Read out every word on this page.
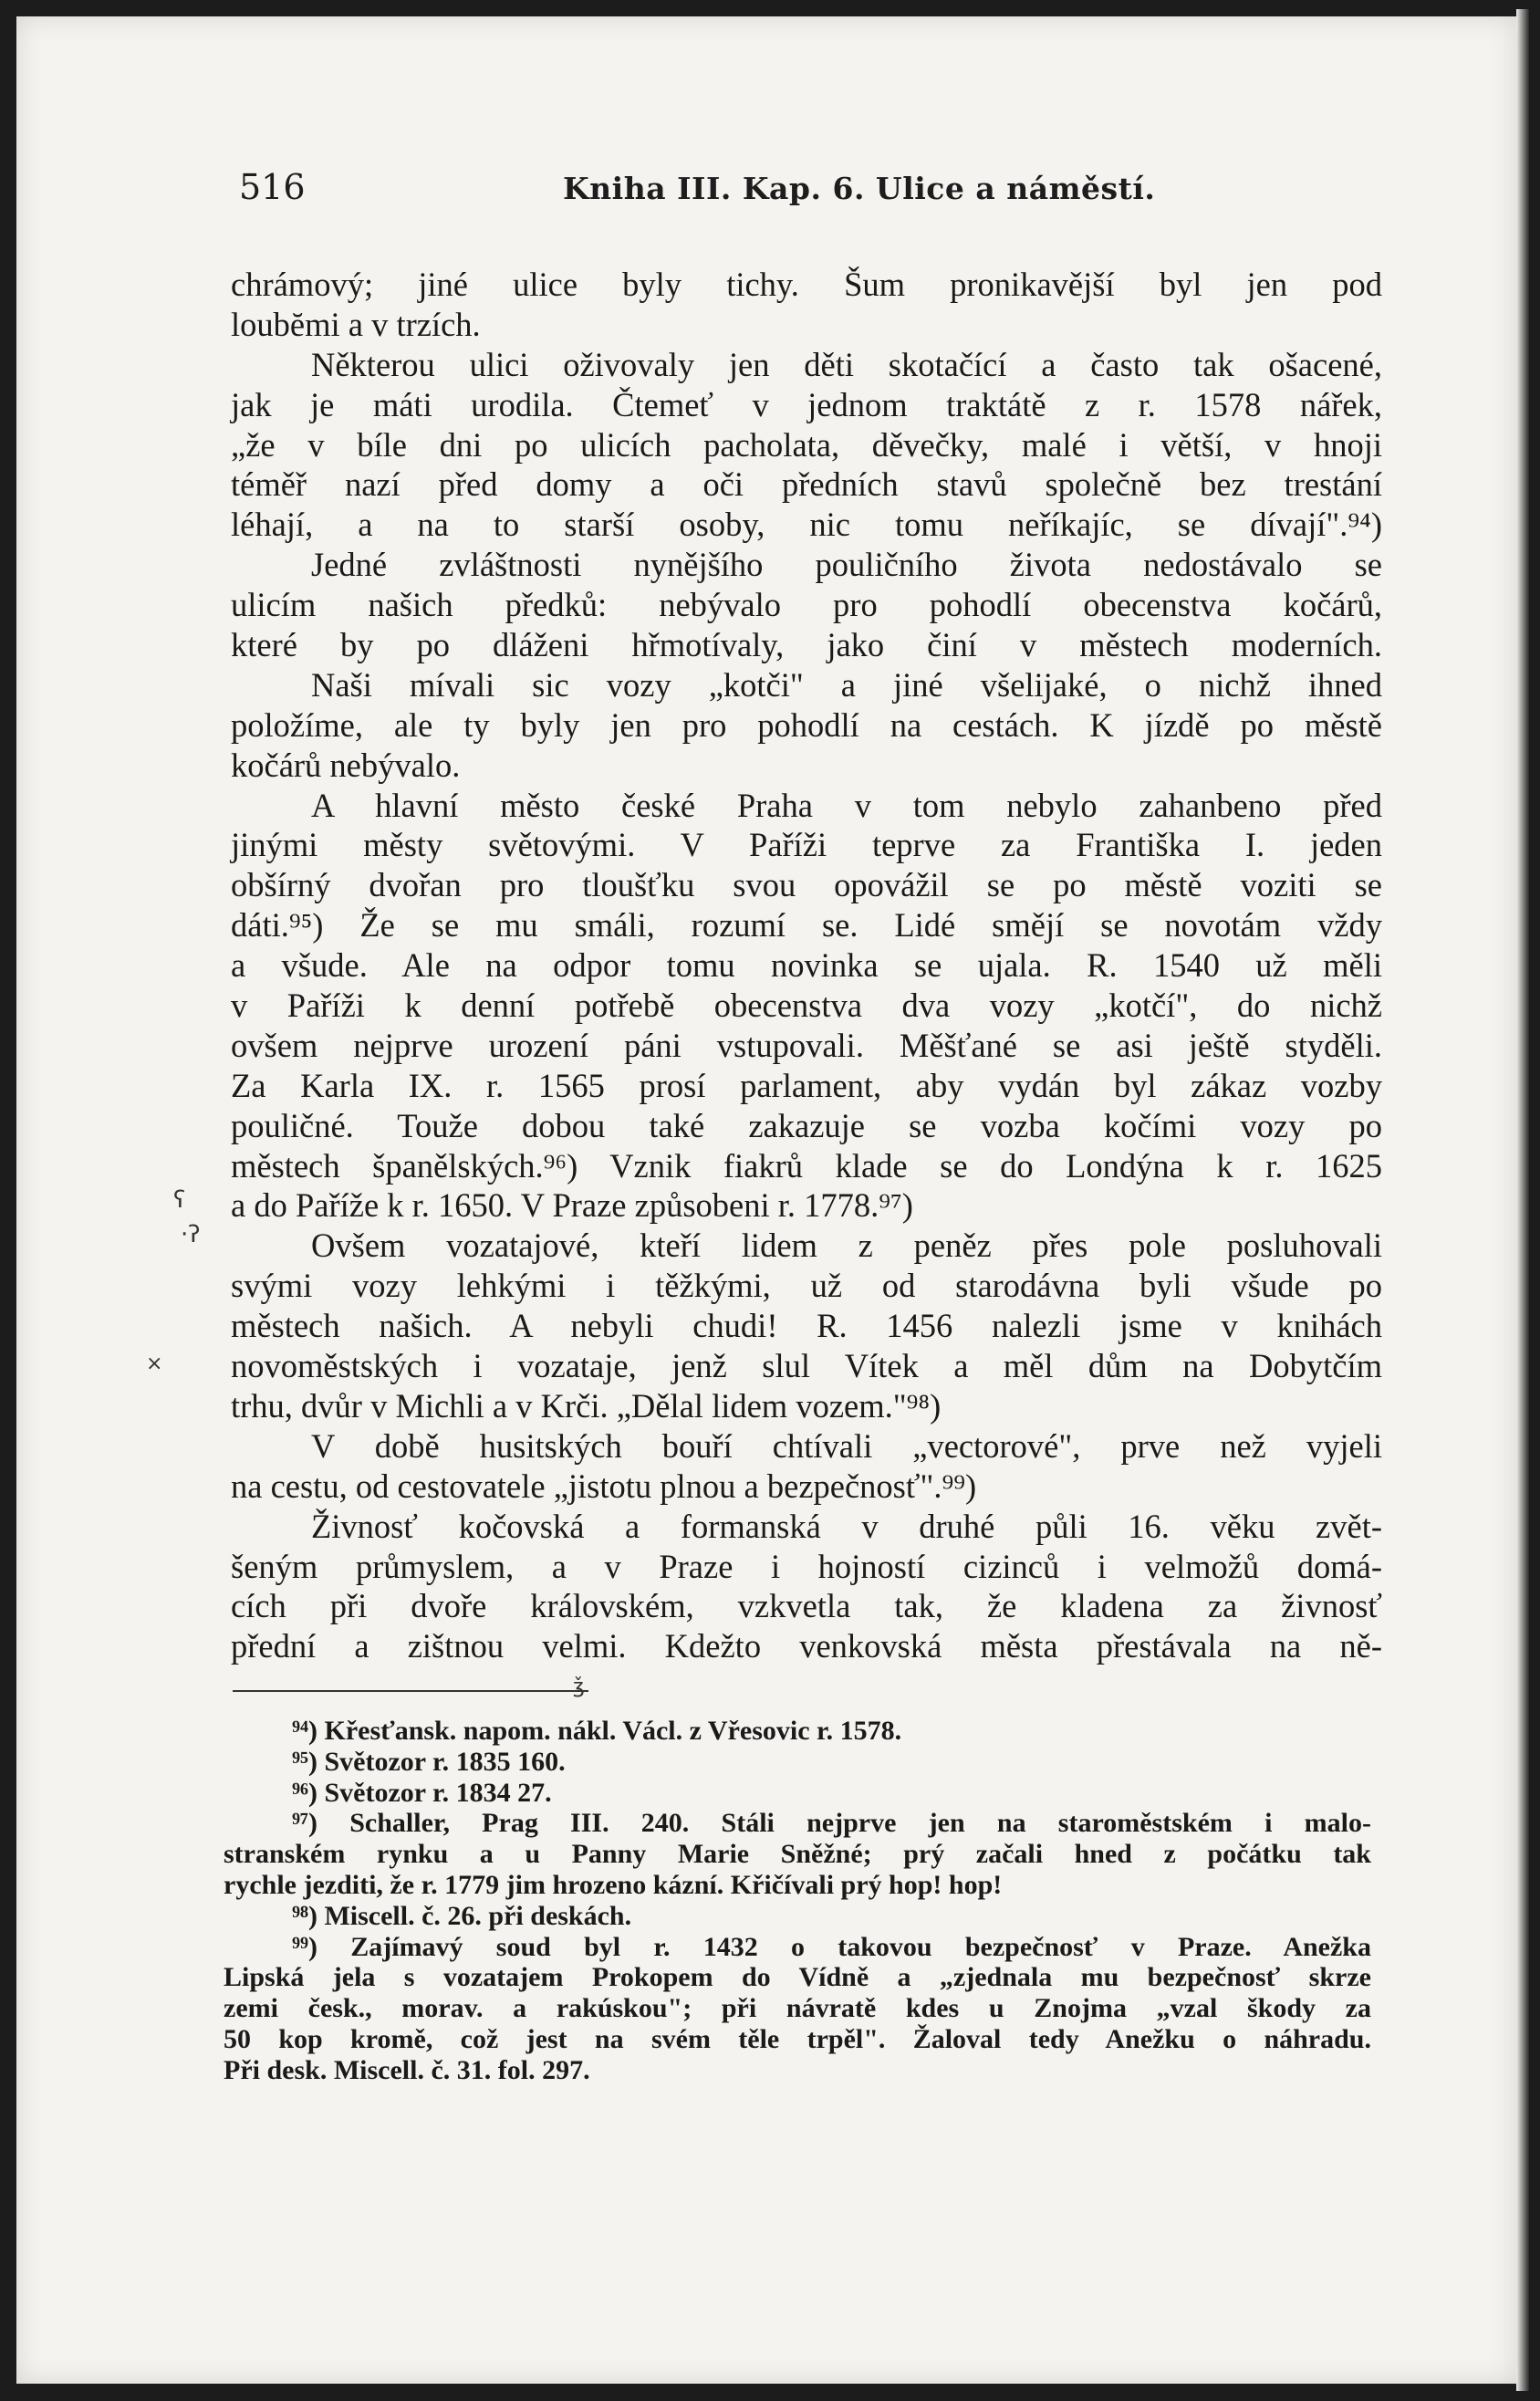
516	Kniha III. Kap. 6. Ulice a náměstí.
chrámový; jiné ulice byly tichy. Šum pronikavější byl jen pod
loubĕmi a v trzích.
Některou ulici oživovaly jen děti skotačící a často tak ošacené,
jak je máti urodila. Čtemeť v jednom traktátě z r. 1578 nářek,
„že v bíle dni po ulicích pacholata, děvečky, malé i větší, v hnoji
téměř nazí před domy a oči předních stavů společně bez trestání
léhají, a na to starší osoby, nic tomu neříkajíc, se dívají".⁹⁴)
Jedné zvláštnosti nynějšího pouličního života nedostávalo se
ulicím našich předků: nebývalo pro pohodlí obecenstva kočárů,
které by po dláženi hřmotívaly, jako činí v městech moderních.
Naši mívali sic vozy „kotči" a jiné všelijaké, o nichž ihned
položíme, ale ty byly jen pro pohodlí na cestách. K jízdě po městě
kočárů nebývalo.
A hlavní město české Praha v tom nebylo zahanbeno před
jinými městy světovými. V Paříži teprve za Františka I. jeden
obšírný dvořan pro tloušťku svou opovážil se po městě voziti se
dáti.⁹⁵) Že se mu smáli, rozumí se. Lidé smějí se novotám vždy
a všude. Ale na odpor tomu novinka se ujala. R. 1540 už měli
v Paříži k denní potřebě obecenstva dva vozy „kotčí", do nichž
ovšem nejprve urození páni vstupovali. Měšťané se asi ještě styděli.
Za Karla IX. r. 1565 prosí parlament, aby vydán byl zákaz vozby
pouličné. Touže dobou také zakazuje se vozba kočími vozy po
městech španělských.⁹⁶) Vznik fiakrů klade se do Londýna k r. 1625
a do Paříže k r. 1650. V Praze způsobeni r. 1778.⁹⁷)
Ovšem vozatajové, kteří lidem z peněz přes pole posluhovali
svými vozy lehkými i těžkými, už od starodávna byli všude po
městech našich. A nebyli chudi! R. 1456 nalezli jsme v knihách
novoměstských i vozataje, jenž slul Vítek a měl dům na Dobytčím
trhu, dvůr v Michli a v Krči. „Dělal lidem vozem."⁹⁸)
V době husitských bouří chtívali „vectorové", prve než vyjeli
na cestu, od cestovatele „jistotu plnou a bezpečnosť".⁹⁹)
Živnosť kočovská a formanská v druhé půli 16. věku zvět-
šeným průmyslem, a v Praze i hojností cizinců i velmožů domá-
cích při dvoře královském, vzkvetla tak, že kladena za živnosť
přední a zištnou velmi. Kdežto venkovská města přestávala na ně-
⁹⁴) Křesťansk. napom. nákl. Václ. z Vřesovic r. 1578.
⁹⁵) Světozor r. 1835 160.
⁹⁶) Světozor r. 1834 27.
⁹⁷) Schaller, Prag III. 240. Stáli nejprve jen na staroměstském i malo-
stranském rynku a u Panny Marie Sněžné; prý začali hned z počátku tak
rychle jezditi, že r. 1779 jim hrozeno kázní. Křičívali prý hop! hop!
⁹⁸) Miscell. č. 26. při deskách.
⁹⁹) Zajímavý soud byl r. 1432 o takovou bezpečnosť v Praze. Anežka
Lipská jela s vozatajem Prokopem do Vídně a „zjednala mu bezpečnosť skrze
zemi česk., morav. a rakúskou"; při návratě kdes u Znojma „vzal škody za
50 kop kromě, což jest na svém těle trpěl". Žaloval tedy Anežku o náhradu.
Při desk. Miscell. č. 31. fol. 297.
ʕ
·ʔ
×
ǯ
